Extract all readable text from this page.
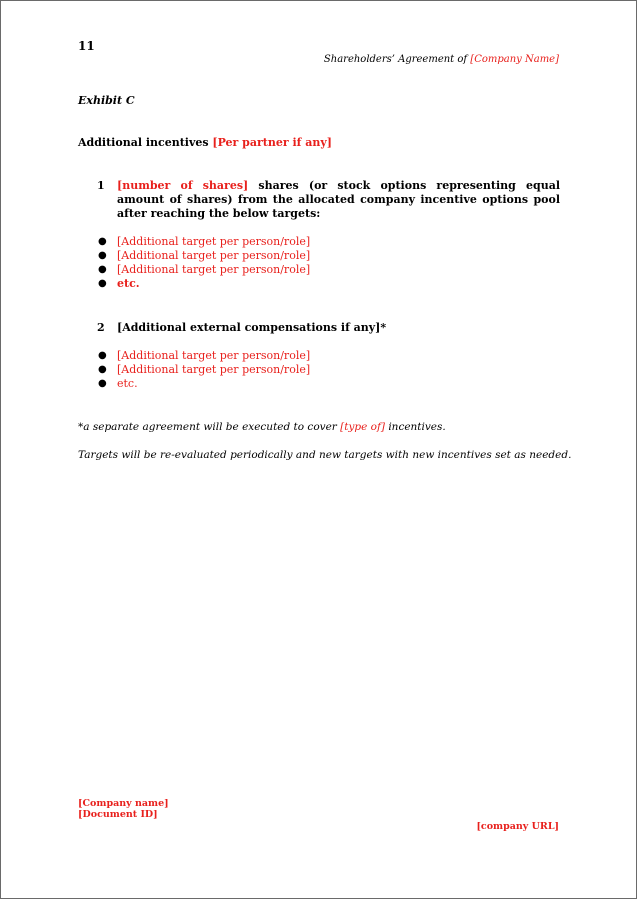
11
Shareholders’ Agreement of [Company Name]
Exhibit C
Additional incentives [Per partner if any]
1 [number of shares] shares (or stock options representing equal amount of shares) from the allocated company incentive options pool after reaching the below targets:
● [Additional target per person/role]
● [Additional target per person/role]
● [Additional target per person/role]
● etc.
2 [Additional external compensations if any]*
● [Additional target per person/role]
● [Additional target per person/role]
● etc.
*a separate agreement will be executed to cover [type of] incentives.
Targets will be re-evaluated periodically and new targets with new incentives set as needed.
[Company name]
[Document ID]
[company URL]
